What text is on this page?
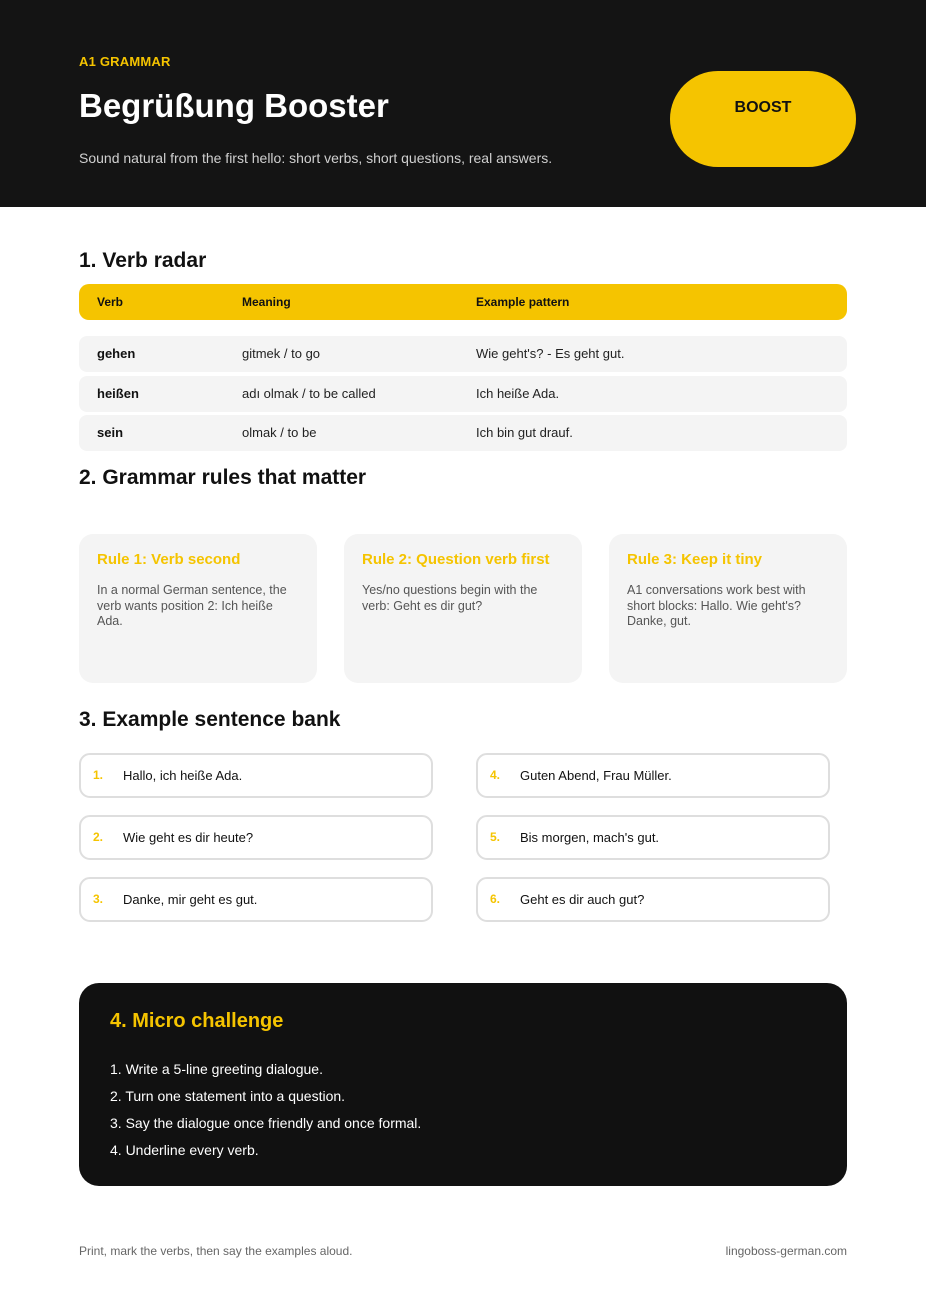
A1 GRAMMAR
Begrüßung Booster
Sound natural from the first hello: short verbs, short questions, real answers.
BOOST
1. Verb radar
Verb	Meaning	Example pattern
gehen	gitmek / to go	Wie geht's? - Es geht gut.
heißen	adı olmak / to be called	Ich heiße Ada.
sein	olmak / to be	Ich bin gut drauf.
2. Grammar rules that matter
Rule 1: Verb second
In a normal German sentence, the verb wants position 2: Ich heiße Ada.
Rule 2: Question verb first
Yes/no questions begin with the verb: Geht es dir gut?
Rule 3: Keep it tiny
A1 conversations work best with short blocks: Hallo. Wie geht's? Danke, gut.
3. Example sentence bank
1. Hallo, ich heiße Ada.
2. Wie geht es dir heute?
3. Danke, mir geht es gut.
4. Guten Abend, Frau Müller.
5. Bis morgen, mach's gut.
6. Geht es dir auch gut?
4. Micro challenge
1. Write a 5-line greeting dialogue.
2. Turn one statement into a question.
3. Say the dialogue once friendly and once formal.
4. Underline every verb.
Print, mark the verbs, then say the examples aloud.	lingoboss-german.com
